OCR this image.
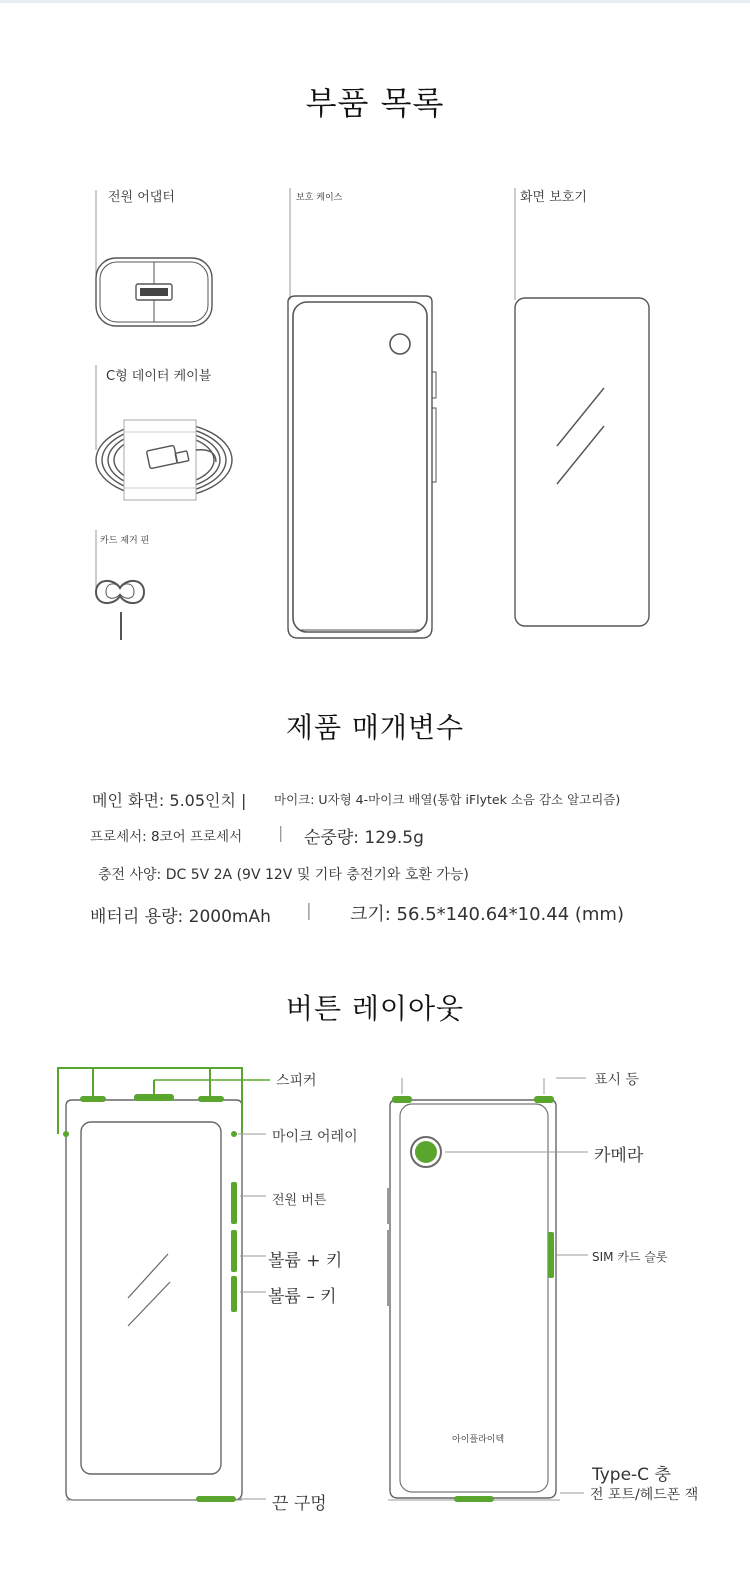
부품 목록
제품 매개변수
버튼 레이아웃
전원 어댑터	보호 케이스	화면 보호기
C형 데이터 케이블
카드 제거 핀
메인 화면: 5.05인치 | 마이크: U자형 4-마이크 배열(통합 iFlytek 소음 감소 알고리즘)
프로세서: 8코어 프로세서 | 순중량: 129.5g
충전 사양: DC 5V 2A (9V 12V 및 기타 충전기와 호환 가능)
배터리 용량: 2000mAh | 크기: 56.5*140.64*10.44 (mm)
스피커
마이크 어레이
전원 버튼
볼륨 + 키
볼륨 – 키
끈 구멍
표시 등
카메라
SIM 카드 슬롯
아이플라이텍
Type-C 충
전 포트/헤드폰 잭
